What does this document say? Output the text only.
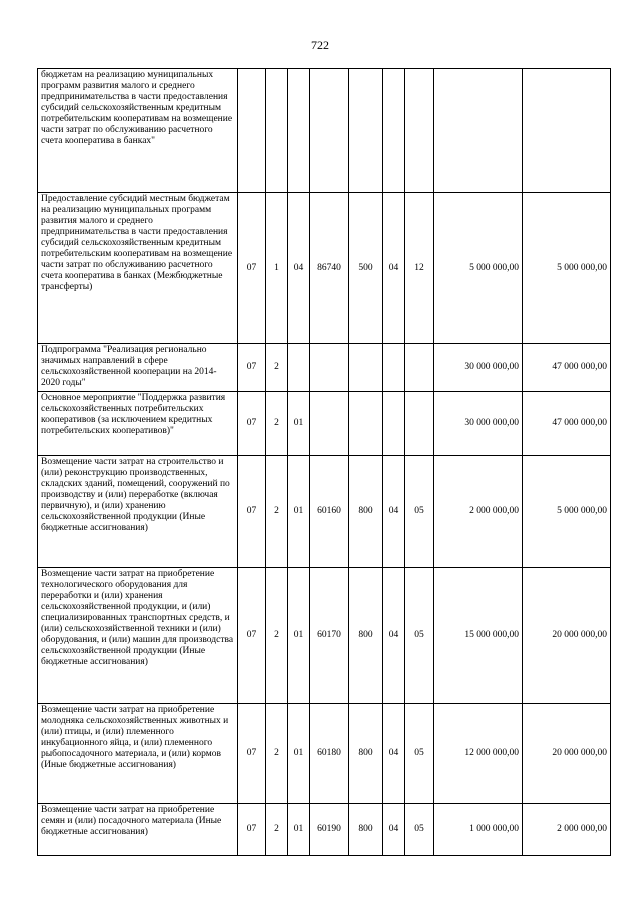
722
бюджетам на реализацию муниципальных программ развития малого и среднего предпринимательства в части предоставления субсидий сельскохозяйственным кредитным потребительским кооперативам на возмещение части затрат по обслуживанию расчетного счета кооператива в банках"									
Предоставление субсидий местным бюджетам на реализацию муниципальных программ развития малого и среднего предпринимательства в части предоставления субсидий сельскохозяйственным кредитным потребительским кооперативам на возмещение части затрат по обслуживанию расчетного счета кооператива в банках (Межбюджетные трансферты)	07	1	04	86740	500	04	12	5 000 000,00	5 000 000,00
Подпрограмма "Реализация регионально значимых направлений в сфере сельскохозяйственной кооперации на 2014-2020 годы"	07	2						30 000 000,00	47 000 000,00
Основное мероприятие "Поддержка развития сельскохозяйственных потребительских кооперативов (за исключением кредитных потребительских кооперативов)"	07	2	01					30 000 000,00	47 000 000,00
Возмещение части затрат на строительство и (или) реконструкцию производственных, складских зданий, помещений, сооружений по производству и (или) переработке (включая первичную), и (или) хранению сельскохозяйственной продукции (Иные бюджетные ассигнования)	07	2	01	60160	800	04	05	2 000 000,00	5 000 000,00
Возмещение части затрат на приобретение технологического оборудования для переработки и (или) хранения сельскохозяйственной продукции, и (или) специализированных транспортных средств, и (или) сельскохозяйственной техники и (или) оборудования, и (или) машин для производства сельскохозяйственной продукции (Иные бюджетные ассигнования)	07	2	01	60170	800	04	05	15 000 000,00	20 000 000,00
Возмещение части затрат на приобретение молодняка сельскохозяйственных животных и (или) птицы, и (или) племенного инкубационного яйца, и (или) племенного рыбопосадочного материала, и (или) кормов (Иные бюджетные ассигнования)	07	2	01	60180	800	04	05	12 000 000,00	20 000 000,00
Возмещение части затрат на приобретение семян и (или) посадочного материала (Иные бюджетные ассигнования)	07	2	01	60190	800	04	05	1 000 000,00	2 000 000,00
